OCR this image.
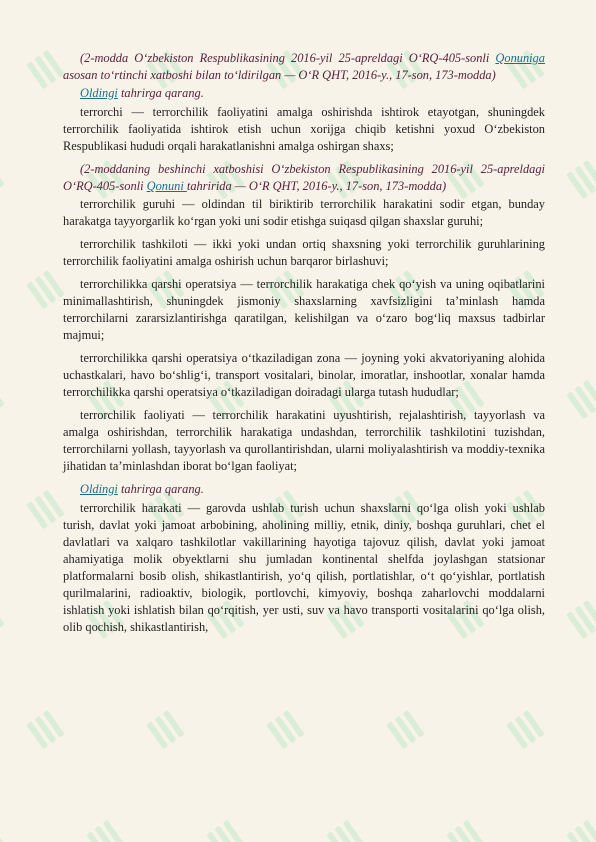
(2-modda O‘zbekiston Respublikasining 2016-yil 25-apreldagi O‘RQ-405-sonli Qonuniga asosan to‘rtinchi xatboshi bilan to‘ldirilgan — O‘R QHT, 2016-y., 17-son, 173-modda)

Oldingi tahrirga qarang.

terrorchi — terrorchilik faoliyatini amalga oshirishda ishtirok etayotgan, shuningdek terrorchilik faoliyatida ishtirok etish uchun xorijga chiqib ketishni yoxud O‘zbekiston Respublikasi hududi orqali harakatlanishni amalga oshirgan shaxs;

(2-moddaning beshinchi xatboshisi O‘zbekiston Respublikasining 2016-yil 25-apreldagi O‘RQ-405-sonli Qonuni tahririda — O‘R QHT, 2016-y., 17-son, 173-modda)

terrorchilik guruhi — oldindan til biriktirib terrorchilik harakatini sodir etgan, bunday harakatga tayyorgarlik ko‘rgan yoki uni sodir etishga suiqasd qilgan shaxslar guruhi;

terrorchilik tashkiloti — ikki yoki undan ortiq shaxsning yoki terrorchilik guruhlarining terrorchilik faoliyatini amalga oshirish uchun barqaror birlashuvi;

terrorchilikka qarshi operatsiya — terrorchilik harakatiga chek qo‘yish va uning oqibatlarini minimallashtirish, shuningdek jismoniy shaxslarning xavfsizligini ta’minlash hamda terrorchilarni zararsizlantirishga qaratilgan, kelishilgan va o‘zaro bog‘liq maxsus tadbirlar majmui;

terrorchilikka qarshi operatsiya o‘tkaziladigan zona — joyning yoki akvatoriyaning alohida uchastkalari, havo bo‘shlig‘i, transport vositalari, binolar, imoratlar, inshootlar, xonalar hamda terrorchilikka qarshi operatsiya o‘tkaziladigan doiradagi ularga tutash hududlar;

terrorchilik faoliyati — terrorchilik harakatini uyushtirish, rejalashtirish, tayyorlash va amalga oshirishdan, terrorchilik harakatiga undashdan, terrorchilik tashkilotini tuzishdan, terrorchilarni yollash, tayyorlash va qurollantirishdan, ularni moliyalashtirish va moddiy-texnika jihatidan ta’minlashdan iborat bo‘lgan faoliyat;

Oldingi tahrirga qarang.

terrorchilik harakati — garovda ushlab turish uchun shaxslarni qo‘lga olish yoki ushlab turish, davlat yoki jamoat arbobining, aholining milliy, etnik, diniy, boshqa guruhlari, chet el davlatlari va xalqaro tashkilotlar vakillarining hayotiga tajovuz qilish, davlat yoki jamoat ahamiyatiga molik obyektlarni shu jumladan kontinental shelfda joylashgan statsionar platformalarni bosib olish, shikastlantirish, yo‘q qilish, portlatishlar, o‘t qo‘yishlar, portlatish qurilmalarini, radioaktiv, biologik, portlovchi, kimyoviy, boshqa zaharlovchi moddalarni ishlatish yoki ishlatish bilan qo‘rqitish, yer usti, suv va havo transporti vositalarini qo‘lga olish, olib qochish, shikastlantirish,
